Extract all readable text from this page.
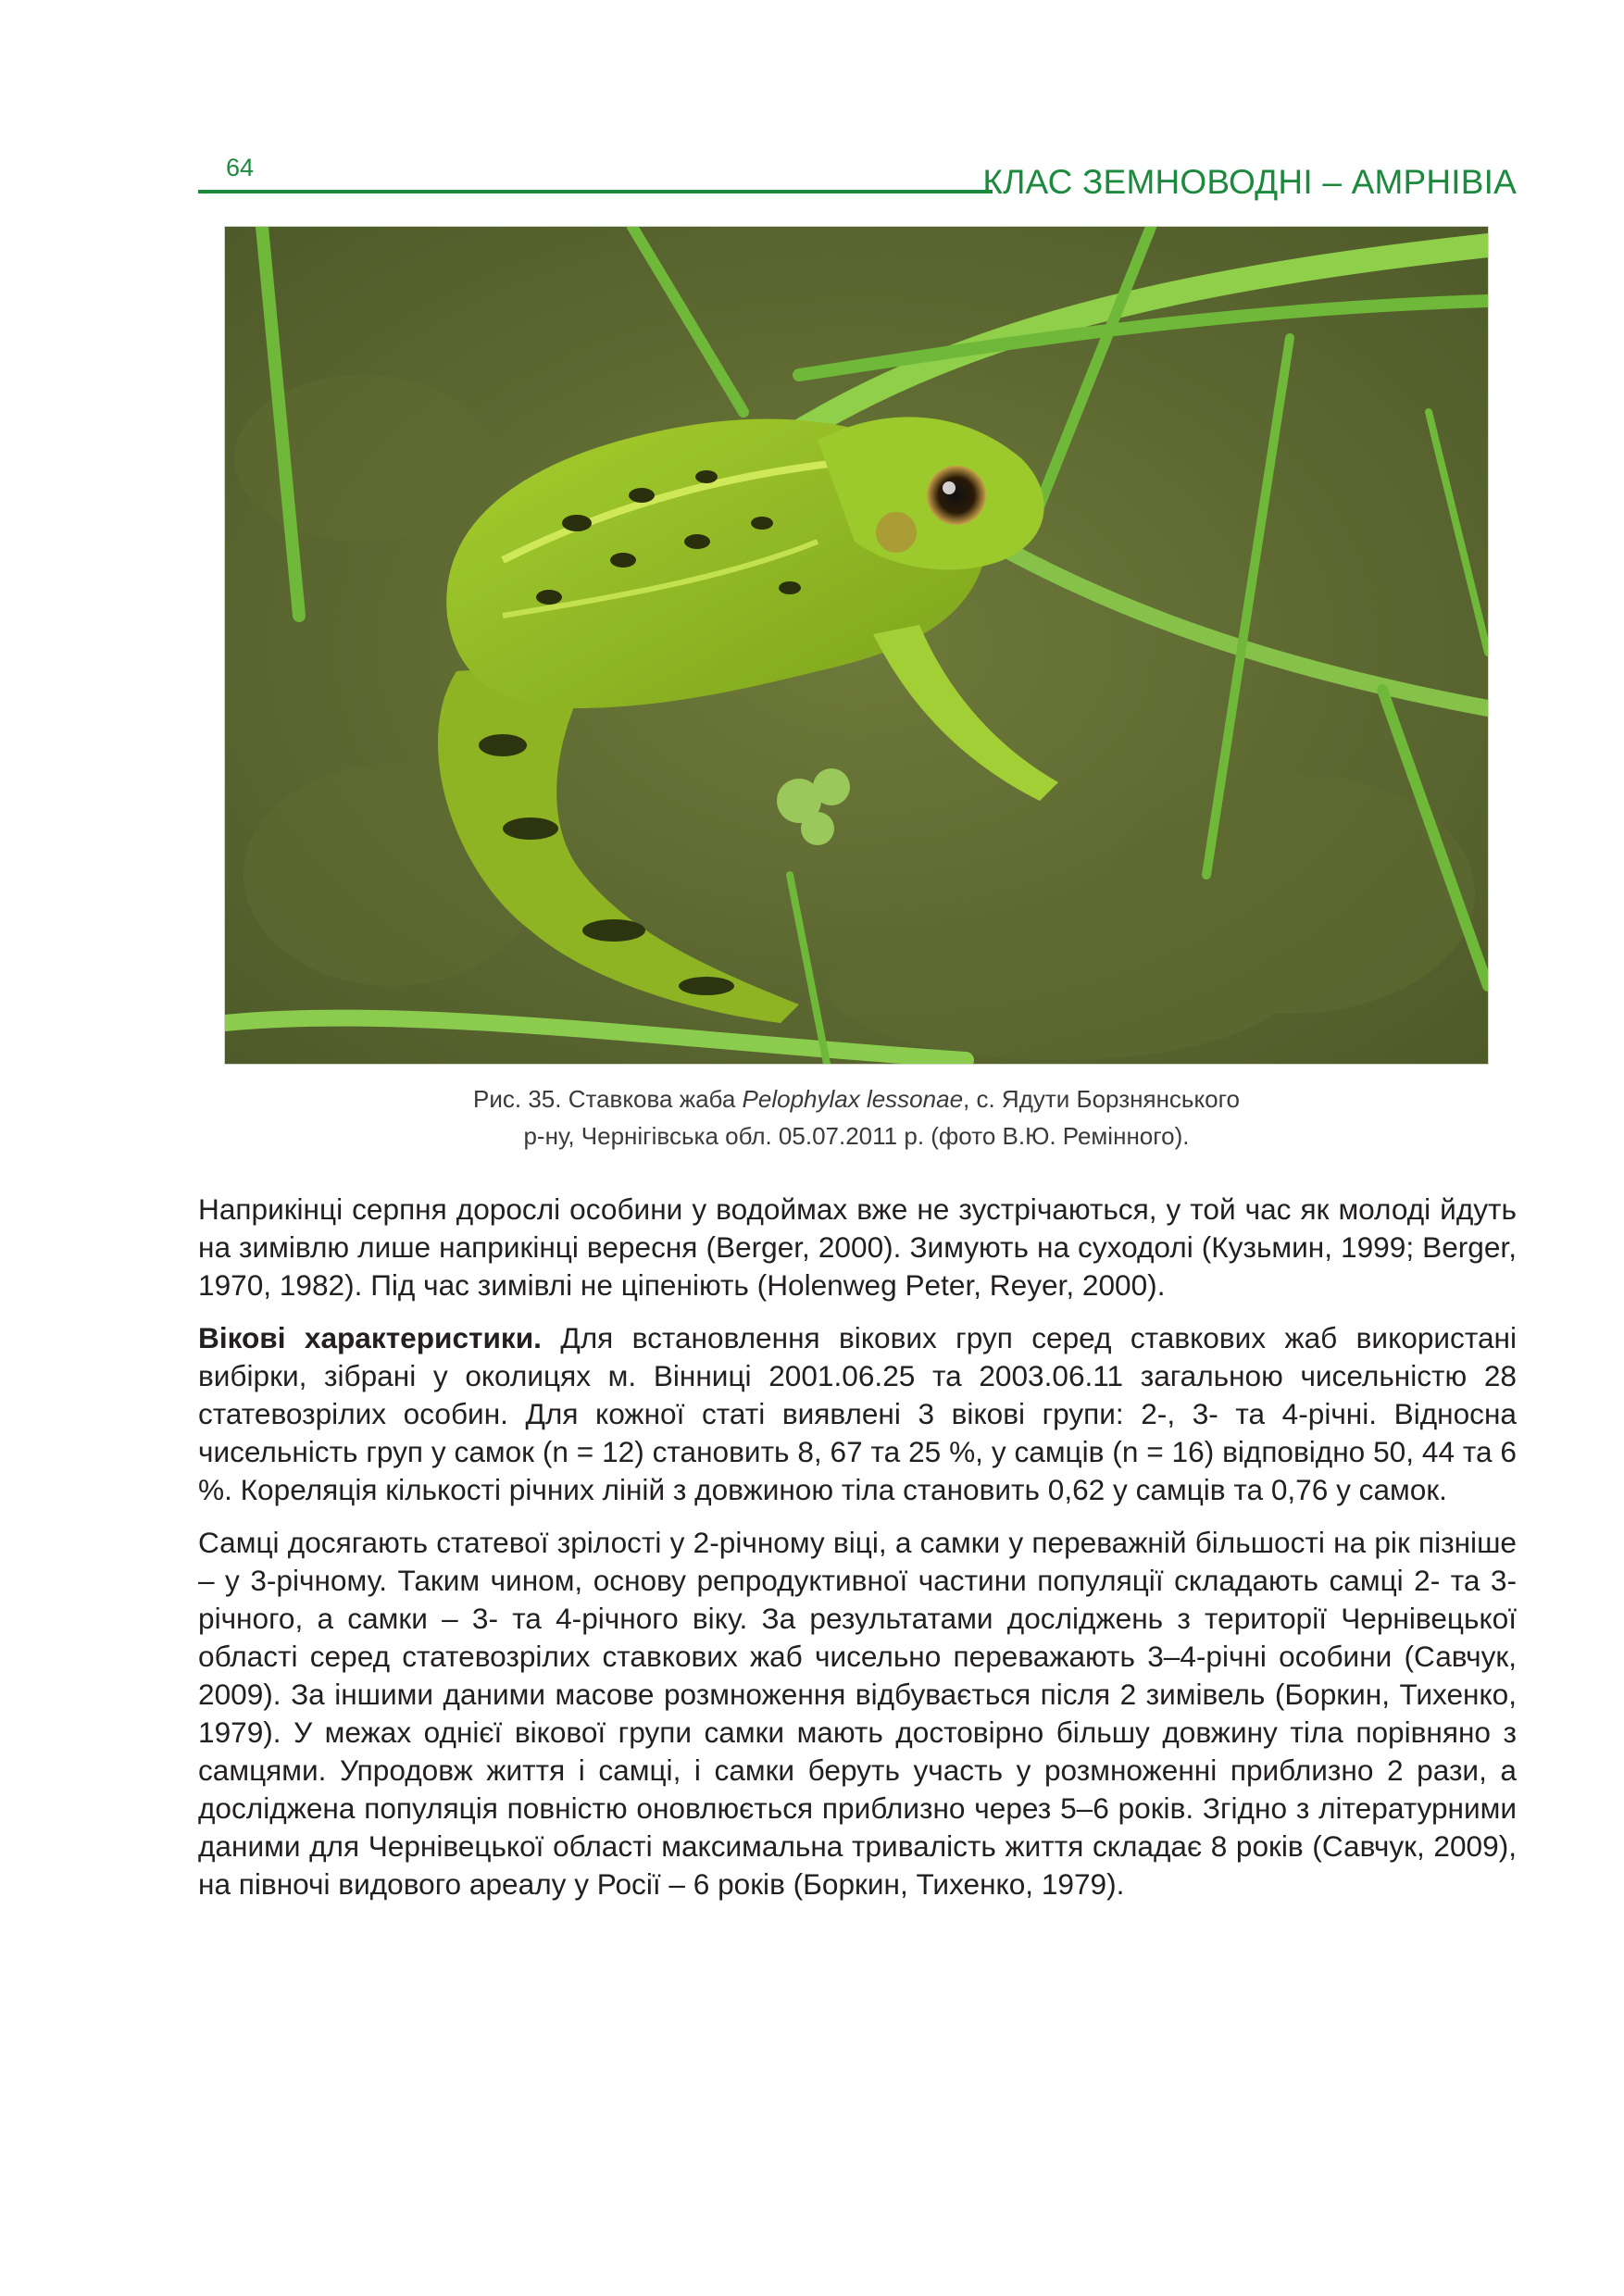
64	КЛАС ЗЕМНОВОДНІ – AMPHIBIA

Рис. 35. Ставкова жаба Pelophylax lessonae, с. Ядути Борзнянського

р-ну, Чернігівська обл. 05.07.2011 р. (фото В.Ю. Ремінного).

Наприкінці серпня дорослі особини у водоймах вже не зустрічаються, у той час як молоді йдуть на зимівлю лише наприкінці вересня (Berger, 2000). Зимують на суходолі (Кузьмин, 1999; Berger, 1970, 1982). Під час зимівлі не ціпеніють (Holenweg Peter, Reyer, 2000).

Вікові характеристики. Для встановлення вікових груп серед ставкових жаб використані вибірки, зібрані у околицях м. Вінниці 2001.06.25 та 2003.06.11 загальною чисельністю 28 статевозрілих особин. Для кожної статі виявлені 3 вікові групи: 2-, 3- та 4-річні. Відносна чисельність груп у самок (n = 12) становить 8, 67 та 25 %, у самців (n = 16) відповідно 50, 44 та 6 %. Кореляція кількості річних ліній з довжиною тіла становить 0,62 у самців та 0,76 у самок.

Самці досягають статевої зрілості у 2-річному віці, а самки у переважній більшості на рік пізніше – у 3-річному. Таким чином, основу репродуктивної частини популяції складають самці 2- та 3-річного, а самки – 3- та 4-річного віку. За результатами досліджень з території Чернівецької області серед статевозрілих ставкових жаб чисельно переважають 3–4-річні особини (Савчук, 2009). За іншими даними масове розмноження відбувається після 2 зимівель (Боркин, Тихенко, 1979). У межах однієї вікової групи самки мають достовірно більшу довжину тіла порівняно з самцями. Упродовж життя і самці, і самки беруть участь у розмноженні приблизно 2 рази, а досліджена популяція повністю оновлюється приблизно через 5–6 років. Згідно з літературними даними для Чернівецької області максимальна тривалість життя складає 8 років (Савчук, 2009), на півночі видового ареалу у Росії – 6 років (Боркин, Тихенко, 1979).
